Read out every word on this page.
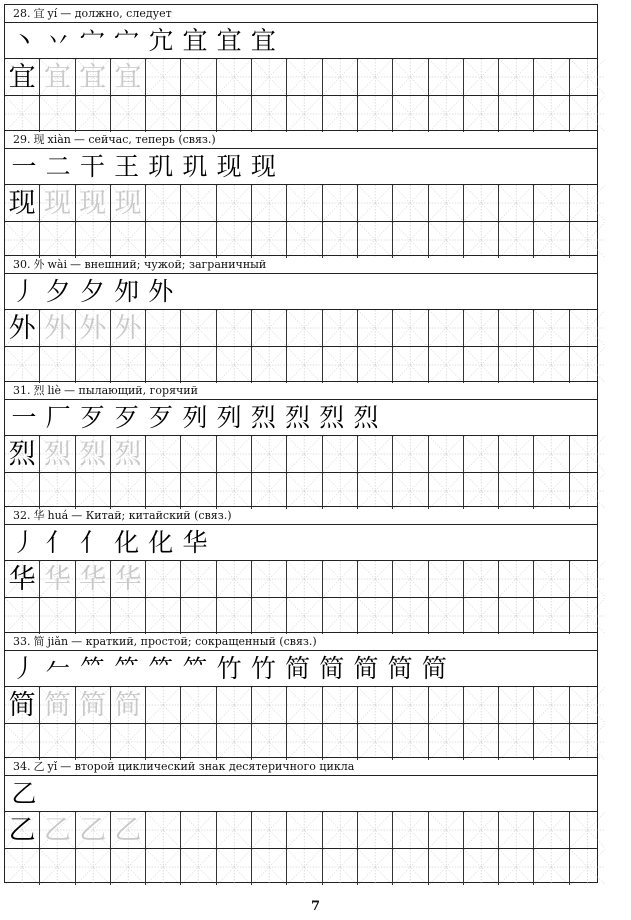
28. 宜 yí — должно, следует
丶 丷 宀 宀 宂 宜 宜 宜
宜 宜 宜 宜
29. 现 xiàn — сейчас, теперь (связ.)
一 二 干 王 玑 玑 现 现
现 现 现 现
30. 外 wài — внешний; чужой; заграничный
丿 夕 夕 夘 外
外 外 外 外
31. 烈 liè — пылающий, горячий
一 厂 歹 歹 歹 列 列 烈 烈 烈 烈
烈 烈 烈 烈
32. 华 huá — Китай; китайский (связ.)
丿 亻 亻 化 化 华
华 华 华 华
33. 简 jiǎn — краткий, простой; сокращенный (связ.)
丿 𠂉 ⺮ ⺮ ⺮ ⺮ 竹 竹 简 简 简 简 简
简 简 简 简
34. 乙 yǐ — второй циклический знак десятеричного цикла
乙
乙 乙 乙 乙
7
